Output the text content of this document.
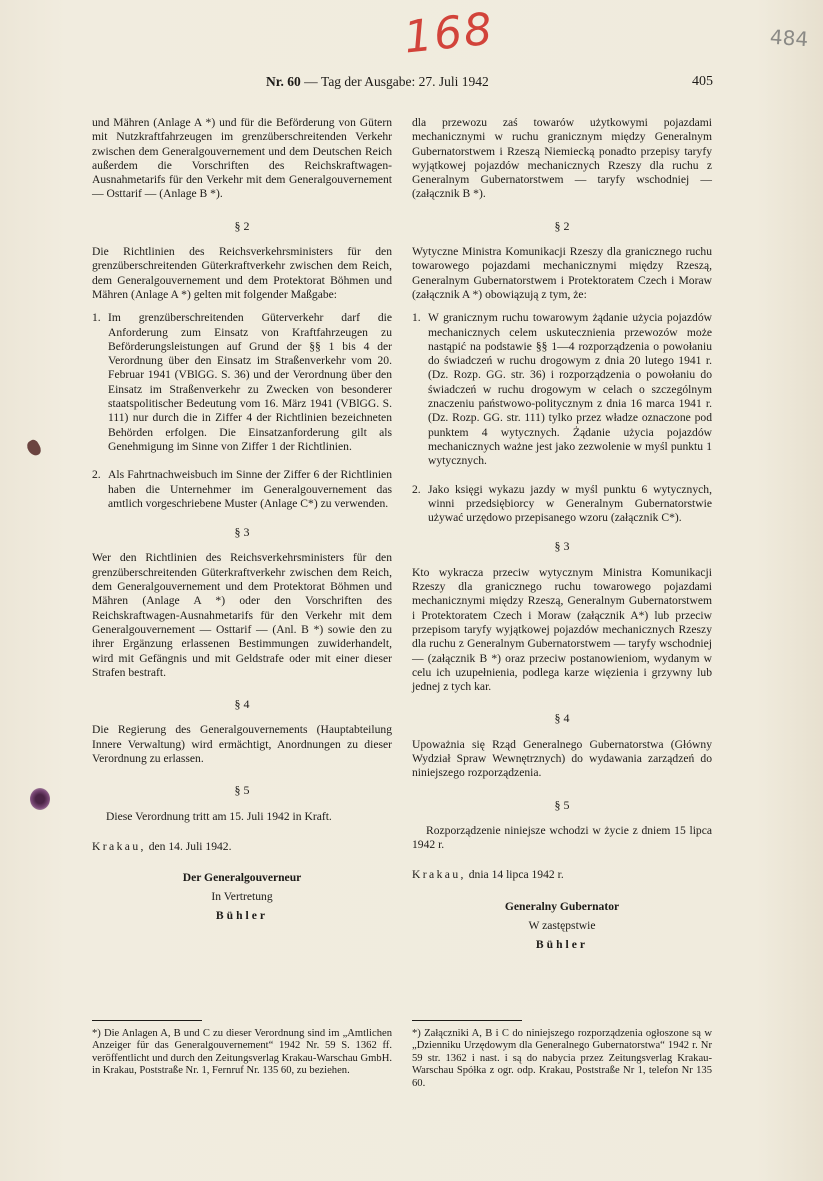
168	484
Nr. 60 — Tag der Ausgabe: 27. Juli 1942	405

und Mähren (Anlage A *) und für die Beförderung von Gütern mit Nutzkraftfahrzeugen im grenzüberschreitenden Verkehr zwischen dem Generalgouvernement und dem Deutschen Reich außerdem die Vorschriften des Reichskraftwagen-Ausnahmetarifs für den Verkehr mit dem Generalgouvernement — Osttarif — (Anlage B *).

§ 2

Die Richtlinien des Reichsverkehrsministers für den grenzüberschreitenden Güterkraftverkehr zwischen dem Reich, dem Generalgouvernement und dem Protektorat Böhmen und Mähren (Anlage A *) gelten mit folgender Maßgabe:

1. Im grenzüberschreitenden Güterverkehr darf die Anforderung zum Einsatz von Kraftfahrzeugen zu Beförderungsleistungen auf Grund der §§ 1 bis 4 der Verordnung über den Einsatz im Straßenverkehr vom 20. Februar 1941 (VBlGG. S. 36) und der Verordnung über den Einsatz im Straßenverkehr zu Zwecken von besonderer staatspolitischer Bedeutung vom 16. März 1941 (VBlGG. S. 111) nur durch die in Ziffer 4 der Richtlinien bezeichneten Behörden erfolgen. Die Einsatzanforderung gilt als Genehmigung im Sinne von Ziffer 1 der Richtlinien.
2. Als Fahrtnachweisbuch im Sinne der Ziffer 6 der Richtlinien haben die Unternehmer im Generalgouvernement das amtlich vorgeschriebene Muster (Anlage C*) zu verwenden.
§ 3

Wer den Richtlinien des Reichsverkehrsministers für den grenzüberschreitenden Güterkraftverkehr zwischen dem Reich, dem Generalgouvernement und dem Protektorat Böhmen und Mähren (Anlage A *) oder den Vorschriften des Reichskraftwagen-Ausnahmetarifs für den Verkehr mit dem Generalgouvernement — Osttarif — (Anl. B *) sowie den zu ihrer Ergänzung erlassenen Bestimmungen zuwiderhandelt, wird mit Gefängnis und mit Geldstrafe oder mit einer dieser Strafen bestraft.

§ 4

Die Regierung des Generalgouvernements (Hauptabteilung Innere Verwaltung) wird ermächtigt, Anordnungen zu dieser Verordnung zu erlassen.

§ 5

Diese Verordnung tritt am 15. Juli 1942 in Kraft.

Krakau, den 14. Juli 1942.
Der Generalgouverneur
In Vertretung
Bühler

dla przewozu zaś towarów użytkowymi pojazdami mechanicznymi w ruchu granicznym między Generalnym Gubernatorstwem i Rzeszą Niemiecką ponadto przepisy taryfy wyjątkowej pojazdów mechanicznych Rzeszy dla ruchu z Generalnym Gubernatorstwem — taryfy wschodniej — (załącznik B *).

§ 2

Wytyczne Ministra Komunikacji Rzeszy dla granicznego ruchu towarowego pojazdami mechanicznymi między Rzeszą, Generalnym Gubernatorstwem i Protektoratem Czech i Moraw (załącznik A *) obowiązują z tym, że:

1. W granicznym ruchu towarowym żądanie użycia pojazdów mechanicznych celem uskutecznienia przewozów może nastąpić na podstawie §§ 1—4 rozporządzenia o powołaniu do świadczeń w ruchu drogowym z dnia 20 lutego 1941 r. (Dz. Rozp. GG. str. 36) i rozporządzenia o powołaniu do świadczeń w ruchu drogowym w celach o szczególnym znaczeniu państwowo-politycznym z dnia 16 marca 1941 r. (Dz. Rozp. GG. str. 111) tylko przez władze oznaczone pod punktem 4 wytycznych. Żądanie użycia pojazdów mechanicznych ważne jest jako zezwolenie w myśl punktu 1 wytycznych.
2. Jako księgi wykazu jazdy w myśl punktu 6 wytycznych, winni przedsiębiorcy w Generalnym Gubernatorstwie używać urzędowo przepisanego wzoru (załącznik C*).
§ 3

Kto wykracza przeciw wytycznym Ministra Komunikacji Rzeszy dla granicznego ruchu towarowego pojazdami mechanicznymi między Rzeszą, Generalnym Gubernatorstwem i Protektoratem Czech i Moraw (załącznik A*) lub przeciw przepisom taryfy wyjątkowej pojazdów mechanicznych Rzeszy dla ruchu z Generalnym Gubernatorstwem — taryfy wschodniej — (załącznik B *) oraz przeciw postanowieniom, wydanym w celu ich uzupełnienia, podlega karze więzienia i grzywny lub jednej z tych kar.

§ 4

Upoważnia się Rząd Generalnego Gubernatorstwa (Główny Wydział Spraw Wewnętrznych) do wydawania zarządzeń do niniejszego rozporządzenia.

§ 5

Rozporządzenie niniejsze wchodzi w życie z dniem 15 lipca 1942 r.

Krakau, dnia 14 lipca 1942 r.
Generalny Gubernator
W zastępstwie
Bühler

*) Die Anlagen A, B und C zu dieser Verordnung sind im „Amtlichen Anzeiger für das Generalgouvernement“ 1942 Nr. 59 S. 1362 ff. veröffentlicht und durch den Zeitungsverlag Krakau-Warschau GmbH. in Krakau, Poststraße Nr. 1, Fernruf Nr. 135 60, zu beziehen.

*) Załączniki A, B i C do niniejszego rozporządzenia ogłoszone są w „Dzienniku Urzędowym dla Generalnego Gubernatorstwa“ 1942 r. Nr 59 str. 1362 i nast. i są do nabycia przez Zeitungsverlag Krakau-Warschau Spółka z ogr. odp. Krakau, Poststraße Nr 1, telefon Nr 135 60.
